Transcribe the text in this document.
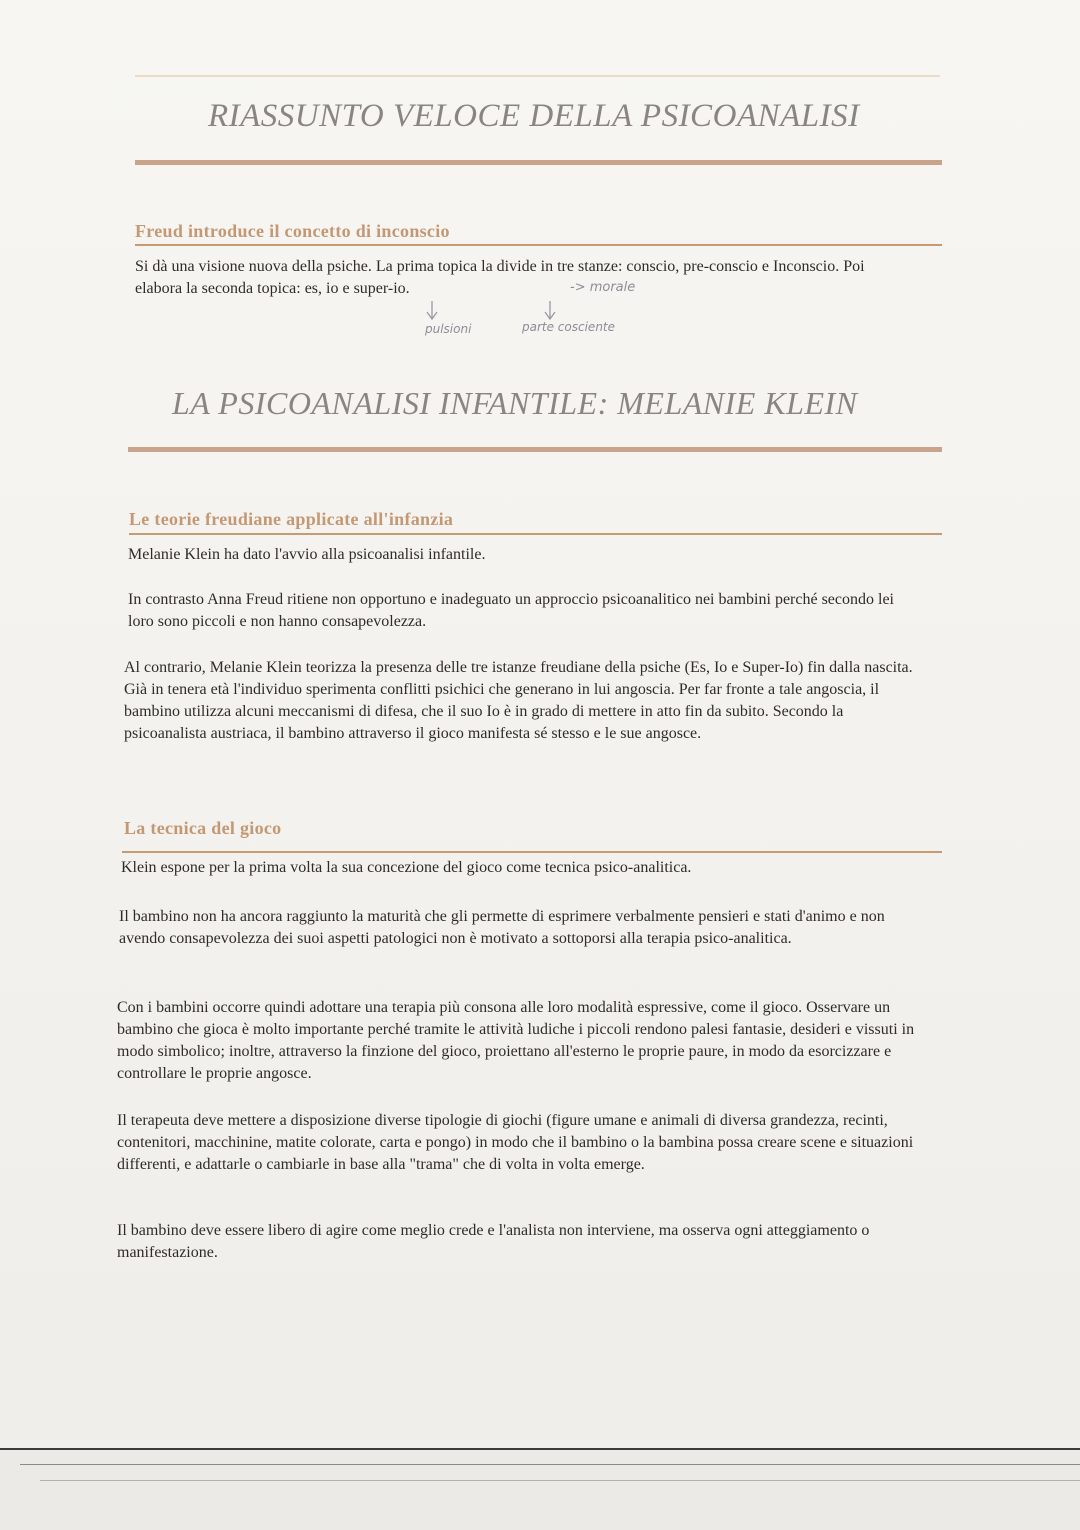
RIASSUNTO VELOCE DELLA PSICOANALISI
Freud introduce il concetto di inconscio

Si dà una visione nuova della psiche. La prima topica la divide in tre stanze: conscio, pre-conscio e Inconscio. Poi elabora la seconda topica: es, io e super-io.	-> morale
pulsioni	parte cosciente
LA PSICOANALISI INFANTILE: MELANIE KLEIN
Le teorie freudiane applicate all'infanzia

Melanie Klein ha dato l'avvio alla psicoanalisi infantile.

In contrasto Anna Freud ritiene non opportuno e inadeguato un approccio psicoanalitico nei bambini perché secondo lei loro sono piccoli e non hanno consapevolezza.

Al contrario, Melanie Klein teorizza la presenza delle tre istanze freudiane della psiche (Es, Io e Super-Io) fin dalla nascita. Già in tenera età l'individuo sperimenta conflitti psichici che generano in lui angoscia. Per far fronte a tale angoscia, il bambino utilizza alcuni meccanismi di difesa, che il suo Io è in grado di mettere in atto fin da subito. Secondo la psicoanalista austriaca, il bambino attraverso il gioco manifesta sé stesso e le sue angosce.

La tecnica del gioco

Klein espone per la prima volta la sua concezione del gioco come tecnica psico-analitica.

Il bambino non ha ancora raggiunto la maturità che gli permette di esprimere verbalmente pensieri e stati d'animo e non avendo consapevolezza dei suoi aspetti patologici non è motivato a sottoporsi alla terapia psico-analitica.

Con i bambini occorre quindi adottare una terapia più consona alle loro modalità espressive, come il gioco. Osservare un bambino che gioca è molto importante perché tramite le attività ludiche i piccoli rendono palesi fantasie, desideri e vissuti in modo simbolico; inoltre, attraverso la finzione del gioco, proiettano all'esterno le proprie paure, in modo da esorcizzare e controllare le proprie angosce.

Il terapeuta deve mettere a disposizione diverse tipologie di giochi (figure umane e animali di diversa grandezza, recinti, contenitori, macchinine, matite colorate, carta e pongo) in modo che il bambino o la bambina possa creare scene e situazioni differenti, e adattarle o cambiarle in base alla "trama" che di volta in volta emerge.

Il bambino deve essere libero di agire come meglio crede e l'analista non interviene, ma osserva ogni atteggiamento o manifestazione.
